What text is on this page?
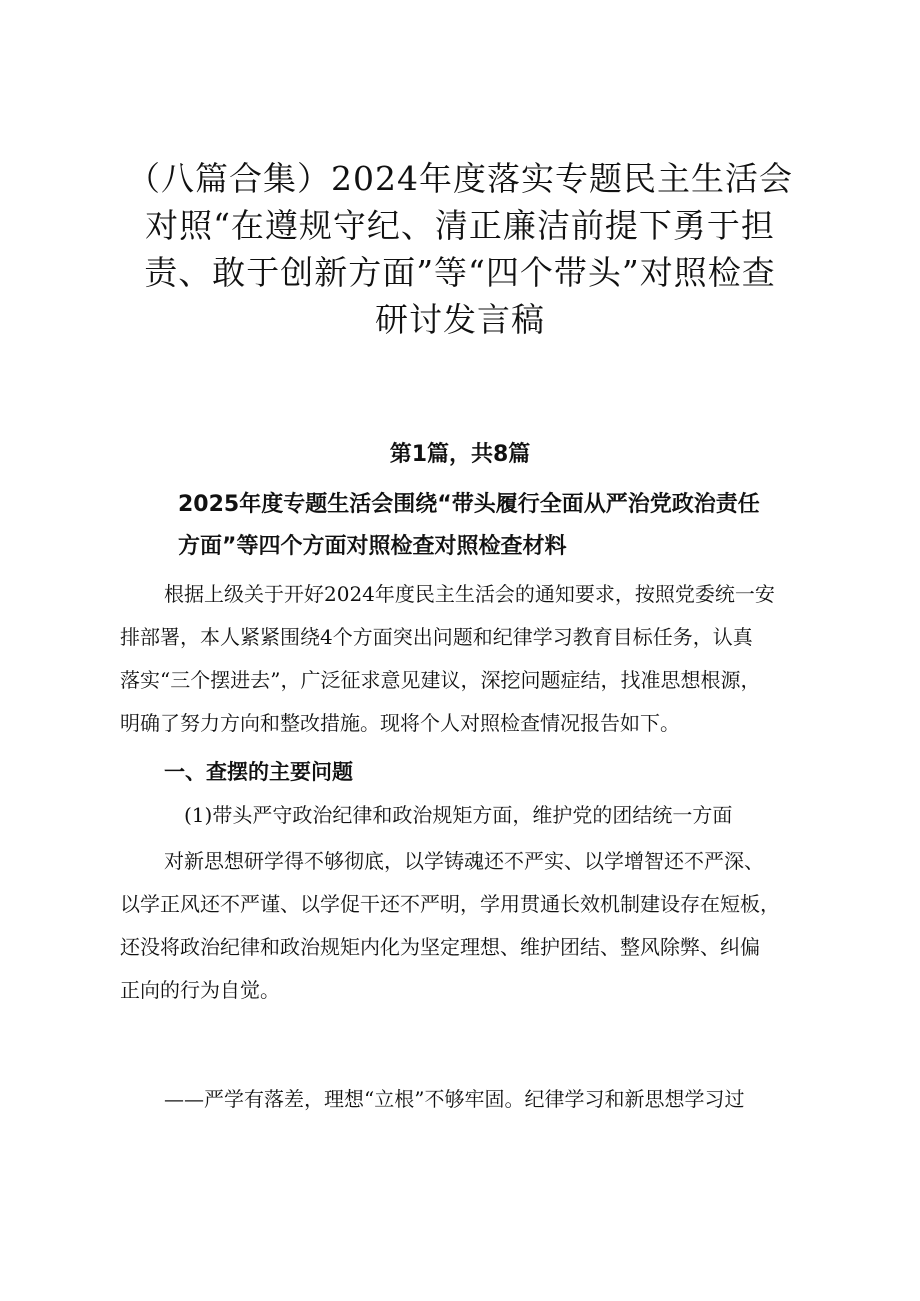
（八篇合集）2024年度落实专题民主生活会
对照“在遵规守纪、清正廉洁前提下勇于担
责、敢于创新方面”等“四个带头”对照检查
研讨发言稿
第1篇，共8篇
2025年度专题生活会围绕“带头履行全面从严治党政治责任
方面”等四个方面对照检查对照检查材料
根据上级关于开好2024年度民主生活会的通知要求，按照党委统一安
排部署，本人紧紧围绕4个方面突出问题和纪律学习教育目标任务，认真
落实“三个摆进去”，广泛征求意见建议，深挖问题症结，找准思想根源，
明确了努力方向和整改措施。现将个人对照检查情况报告如下。
一、查摆的主要问题
(1)带头严守政治纪律和政治规矩方面，维护党的团结统一方面
对新思想研学得不够彻底，以学铸魂还不严实、以学增智还不严深、
以学正风还不严谨、以学促干还不严明，学用贯通长效机制建设存在短板，
还没将政治纪律和政治规矩内化为坚定理想、维护团结、整风除弊、纠偏
正向的行为自觉。
——严学有落差，理想“立根”不够牢固。纪律学习和新思想学习过
